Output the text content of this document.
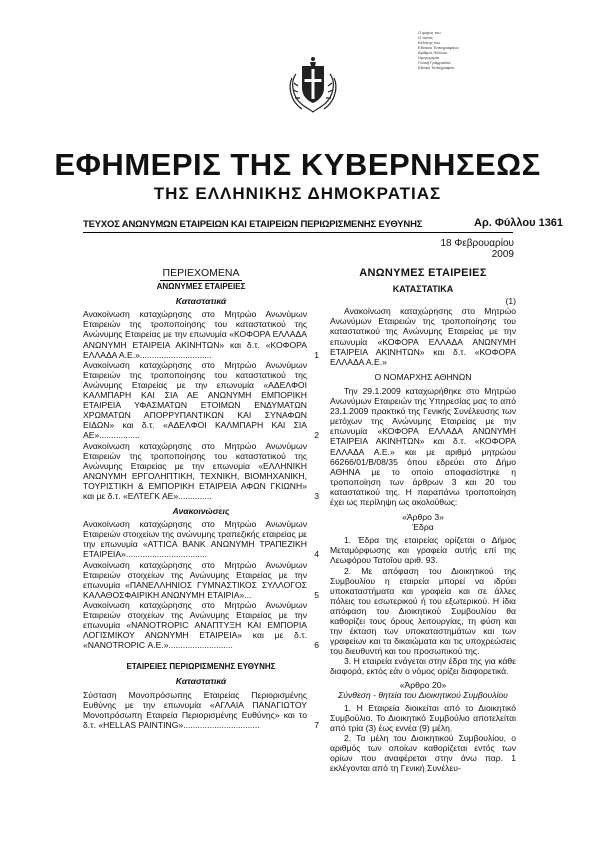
Ο φόρος του
Ο τύπος
Εκδότης του
Εθνικού Τυπογραφείου
Αριθμός Φύλλου
Ημερομηνία
Γενική Γραμματεία
Εθνικό Τυπογραφείο
ΕΦΗΜΕΡΙΣ ΤΗΣ ΚΥΒΕΡΝΗΣΕΩΣ
ΤΗΣ ΕΛΛΗΝΙΚΗΣ ΔΗΜΟΚΡΑΤΙΑΣ
ΤΕΥΧΟΣ ΑΝΩΝΥΜΩΝ ΕΤΑΙΡΕΙΩΝ ΚΑΙ ΕΤΑΙΡΕΙΩΝ ΠΕΡΙΩΡΙΣΜΕΝΗΣ ΕΥΘΥΝΗΣ	Αρ. Φύλλου 1361
18 Φεβρουαρίου 2009
ΠΕΡΙΕΧΟΜΕΝΑ
ΑΝΩΝΥΜΕΣ ΕΤΑΙΡΕΙΕΣ
Καταστατικά
Ανακοίνωση καταχώρησης στο Μητρώο Ανωνύμων Εταιρειών της τροποποίησης του καταστατικού της Ανώνυμης Εταιρείας με την επωνυμία «ΚΟΦΟΡΑ ΕΛΛΑΔΑ ΑΝΩΝΥΜΗ ΕΤΑΙΡΕΙΑ ΑΚΙΝΗΤΩΝ» και δ.τ. «ΚΟΦΟΡΑ ΕΛΛΑΔΑ Α.Ε.»..............................	1
Ανακοίνωση καταχώρησης στο Μητρώο Ανωνύμων Εταιρειών της τροποποίησης του καταστατικού της Ανώνυμης Εταιρείας με την επωνυμία «ΑΔΕΛΦΟΙ ΚΑΛΜΠΑΡΗ ΚΑΙ ΣΙΑ ΑΕ ΑΝΩΝΥΜΗ ΕΜΠΟΡΙΚΗ ΕΤΑΙΡΕΙΑ ΥΦΑΣΜΑΤΩΝ ΕΤΟΙΜΩΝ ΕΝΔΥΜΑΤΩΝ ΧΡΩΜΑΤΩΝ ΑΠΟΡΡΥΠΑΝΤΙΚΩΝ ΚΑΙ ΣΥΝΑΦΩΝ ΕΙΔΩΝ» και δ.τ. «ΑΔΕΛΦΟΙ ΚΑΛΜΠΑΡΗ ΚΑΙ ΣΙΑ ΑΕ».................	2
Ανακοίνωση καταχώρησης στο Μητρώο Ανωνύμων Εταιρειών της τροποποίησης του καταστατικού της Ανώνυμης Εταιρείας με την επωνυμία «ΕΛΛΗΝΙΚΗ ΑΝΩΝΥΜΗ ΕΡΓΟΛΗΠΤΙΚΗ, ΤΕΧΝΙΚΗ, ΒΙΟΜΗΧΑΝΙΚΗ, ΤΟΥΡΙΣΤΙΚΗ & ΕΜΠΟΡΙΚΗ ΕΤΑΙΡΕΙΑ ΑΦΩΝ ΓΚΙΩΝΗ» και με δ.τ. «ΕΛΤΕΓΚ ΑΕ»..............	3
Ανακοινώσεις
Ανακοίνωση καταχώρησης στο Μητρώο Ανωνύμων Εταιρειών στοιχείων της ανώνυμης τραπεζικής εταιρείας με την επωνυμία «ATTICA BANK ΑΝΩΝΥΜΗ ΤΡΑΠΕΖΙΚΗ ΕΤΑΙΡΕΙΑ»..................................	4
Ανακοίνωση καταχώρησης στο Μητρώο Ανωνύμων Εταιρειών στοιχείων της Ανώνυμης Εταιρείας με την επωνυμία «ΠΑΝΕΛΛΗΝΙΟΣ ΓΥΜΝΑΣΤΙΚΟΣ ΣΥΛΛΟΓΟΣ ΚΑΛΑΘΟΣΦΑΙΡΙΚΗ ΑΝΩΝΥΜΗ ΕΤΑΙΡΙΑ»...	5
Ανακοίνωση καταχώρησης στο Μητρώο Ανωνύμων Εταιρειών στοιχείων της Ανώνυμης Εταιρείας με την επωνυμία «NANOTROPIC ΑΝΑΠΤΥΞΗ ΚΑΙ ΕΜΠΟΡΙΑ ΛΟΓΙΣΜΙΚΟΥ ΑΝΩΝΥΜΗ ΕΤΑΙΡΕΙΑ» και με δ.τ. «NANOTROPIC Α.Ε.»...........................	6
ΕΤΑΙΡΕΙΕΣ ΠΕΡΙΩΡΙΣΜΕΝΗΣ ΕΥΘΥΝΗΣ
Καταστατικά
Σύσταση Μονοπρόσωπης Εταιρείας Περιορισμένης Ευθύνης με την επωνυμία «ΑΓΛΑΙΑ ΠΑΝΑΓΙΩΤΟΥ Μονοπρόσωπη Εταιρεία Περιορισμένης Ευθύνης» και το δ.τ. «HELLAS PAINTING»................................	7
ΑΝΩΝΥΜΕΣ ΕΤΑΙΡΕΙΕΣ
ΚΑΤΑΣΤΑΤΙΚΑ
(1)

Ανακοίνωση καταχώρησης στο Μητρώο Ανωνύμων Εταιρειών της τροποποίησης του καταστατικού της Ανώνυμης Εταιρείας με την επωνυμία «ΚΟΦΟΡΑ ΕΛΛΑΔΑ ΑΝΩΝΥΜΗ ΕΤΑΙΡΕΙΑ ΑΚΙΝΗΤΩΝ» και δ.τ. «ΚΟΦΟΡΑ ΕΛΛΑΔΑ Α.Ε.»

Ο ΝΟΜΑΡΧΗΣ ΑΘΗΝΩΝ

Την 29.1.2009 καταχωρήθηκε στο Μητρώο Ανωνύμων Εταιρειών της Υπηρεσίας μας το από 23.1.2009 πρακτικό της Γενικής Συνέλευσης των μετόχων της Ανώνυμης Εταιρείας με την επωνυμία «ΚΟΦΟΡΑ ΕΛΛΑΔΑ ΑΝΩΝΥΜΗ ΕΤΑΙΡΕΙΑ ΑΚΙΝΗΤΩΝ» και δ.τ. «ΚΟΦΟΡΑ ΕΛΛΑΔΑ Α.Ε.» και με αριθμό μητρώου 66266/01/Β/08/35 όπου εδρεύει στο Δήμο ΑΘΗΝΑ με το οποίο αποφασίστηκε η τροποποίηση των άρθρων 3 και 20 του καταστατικού της. Η παραπάνω τροποποίηση έχει ως περίληψη ως ακολούθως:

«Άρθρο 3»

Έδρα

1. Έδρα της εταιρείας ορίζεται ο Δήμος Μεταμόρφωσης και γραφεία αυτής επί της Λεωφόρου Τατοΐου αριθ. 93.

2. Με απόφαση του Διοικητικού της Συμβουλίου η εταιρεία μπορεί να ιδρύει υποκαταστήματα και γραφεία και σε άλλες πόλεις του εσωτερικού ή του εξωτερικού. Η ίδια απόφαση του Διοικητικού Συμβουλίου θα καθορίζει τους όρους λειτουργίας, τη φύση και την έκταση των υποκαταστημάτων και των γραφείων και τα δικαιώματα και τις υποχρεώσεις του διευθυντή και του προσωπικού της.

3. Η εταιρεία ενάγεται στην έδρα της για κάθε διαφορά, εκτός εάν ο νόμος ορίζει διαφορετικά.

«Άρθρο 20»

Σύνθεση - θητεία του Διοικητικού Συμβουλίου

1. Η Εταιρεία διοικείται από το Διοικητικό Συμβούλιο. Το Διοικητικό Συμβούλιο αποτελείται από τρία (3) έως εννέα (9) μέλη.

2. Τα μέλη του Διοικητικού Συμβουλίου, ο αριθμός των οποίων καθορίζεται εντός των ορίων που αναφέρεται στην άνω παρ. 1 εκλέγονται από τη Γενική Συνέλευ-
